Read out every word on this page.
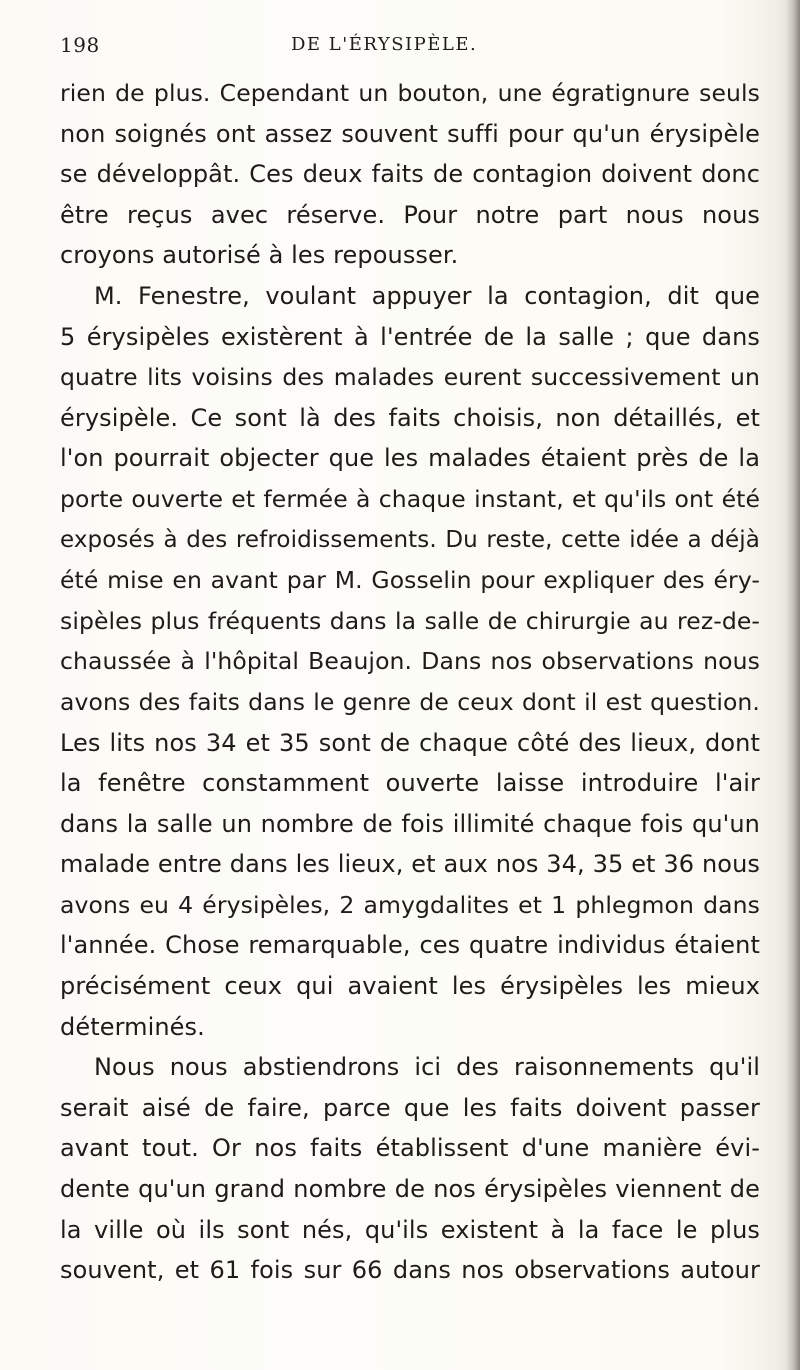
198	DE L'ÉRYSIPÈLE.
rien de plus. Cependant un bouton, une égratignure seuls
non soignés ont assez souvent suffi pour qu'un érysipèle
se développât. Ces deux faits de contagion doivent donc
être reçus avec réserve. Pour notre part nous nous
croyons autorisé à les repousser.
M. Fenestre, voulant appuyer la contagion, dit que
5 érysipèles existèrent à l'entrée de la salle ; que dans
quatre lits voisins des malades eurent successivement un
érysipèle. Ce sont là des faits choisis, non détaillés, et
l'on pourrait objecter que les malades étaient près de la
porte ouverte et fermée à chaque instant, et qu'ils ont été
exposés à des refroidissements. Du reste, cette idée a déjà
été mise en avant par M. Gosselin pour expliquer des éry-
sipèles plus fréquents dans la salle de chirurgie au rez-de-
chaussée à l'hôpital Beaujon. Dans nos observations nous
avons des faits dans le genre de ceux dont il est question.
Les lits nos 34 et 35 sont de chaque côté des lieux, dont
la fenêtre constamment ouverte laisse introduire l'air
dans la salle un nombre de fois illimité chaque fois qu'un
malade entre dans les lieux, et aux nos 34, 35 et 36 nous
avons eu 4 érysipèles, 2 amygdalites et 1 phlegmon dans
l'année. Chose remarquable, ces quatre individus étaient
précisément ceux qui avaient les érysipèles les mieux
déterminés.
Nous nous abstiendrons ici des raisonnements qu'il
serait aisé de faire, parce que les faits doivent passer
avant tout. Or nos faits établissent d'une manière évi-
dente qu'un grand nombre de nos érysipèles viennent de
la ville où ils sont nés, qu'ils existent à la face le plus
souvent, et 61 fois sur 66 dans nos observations autour
